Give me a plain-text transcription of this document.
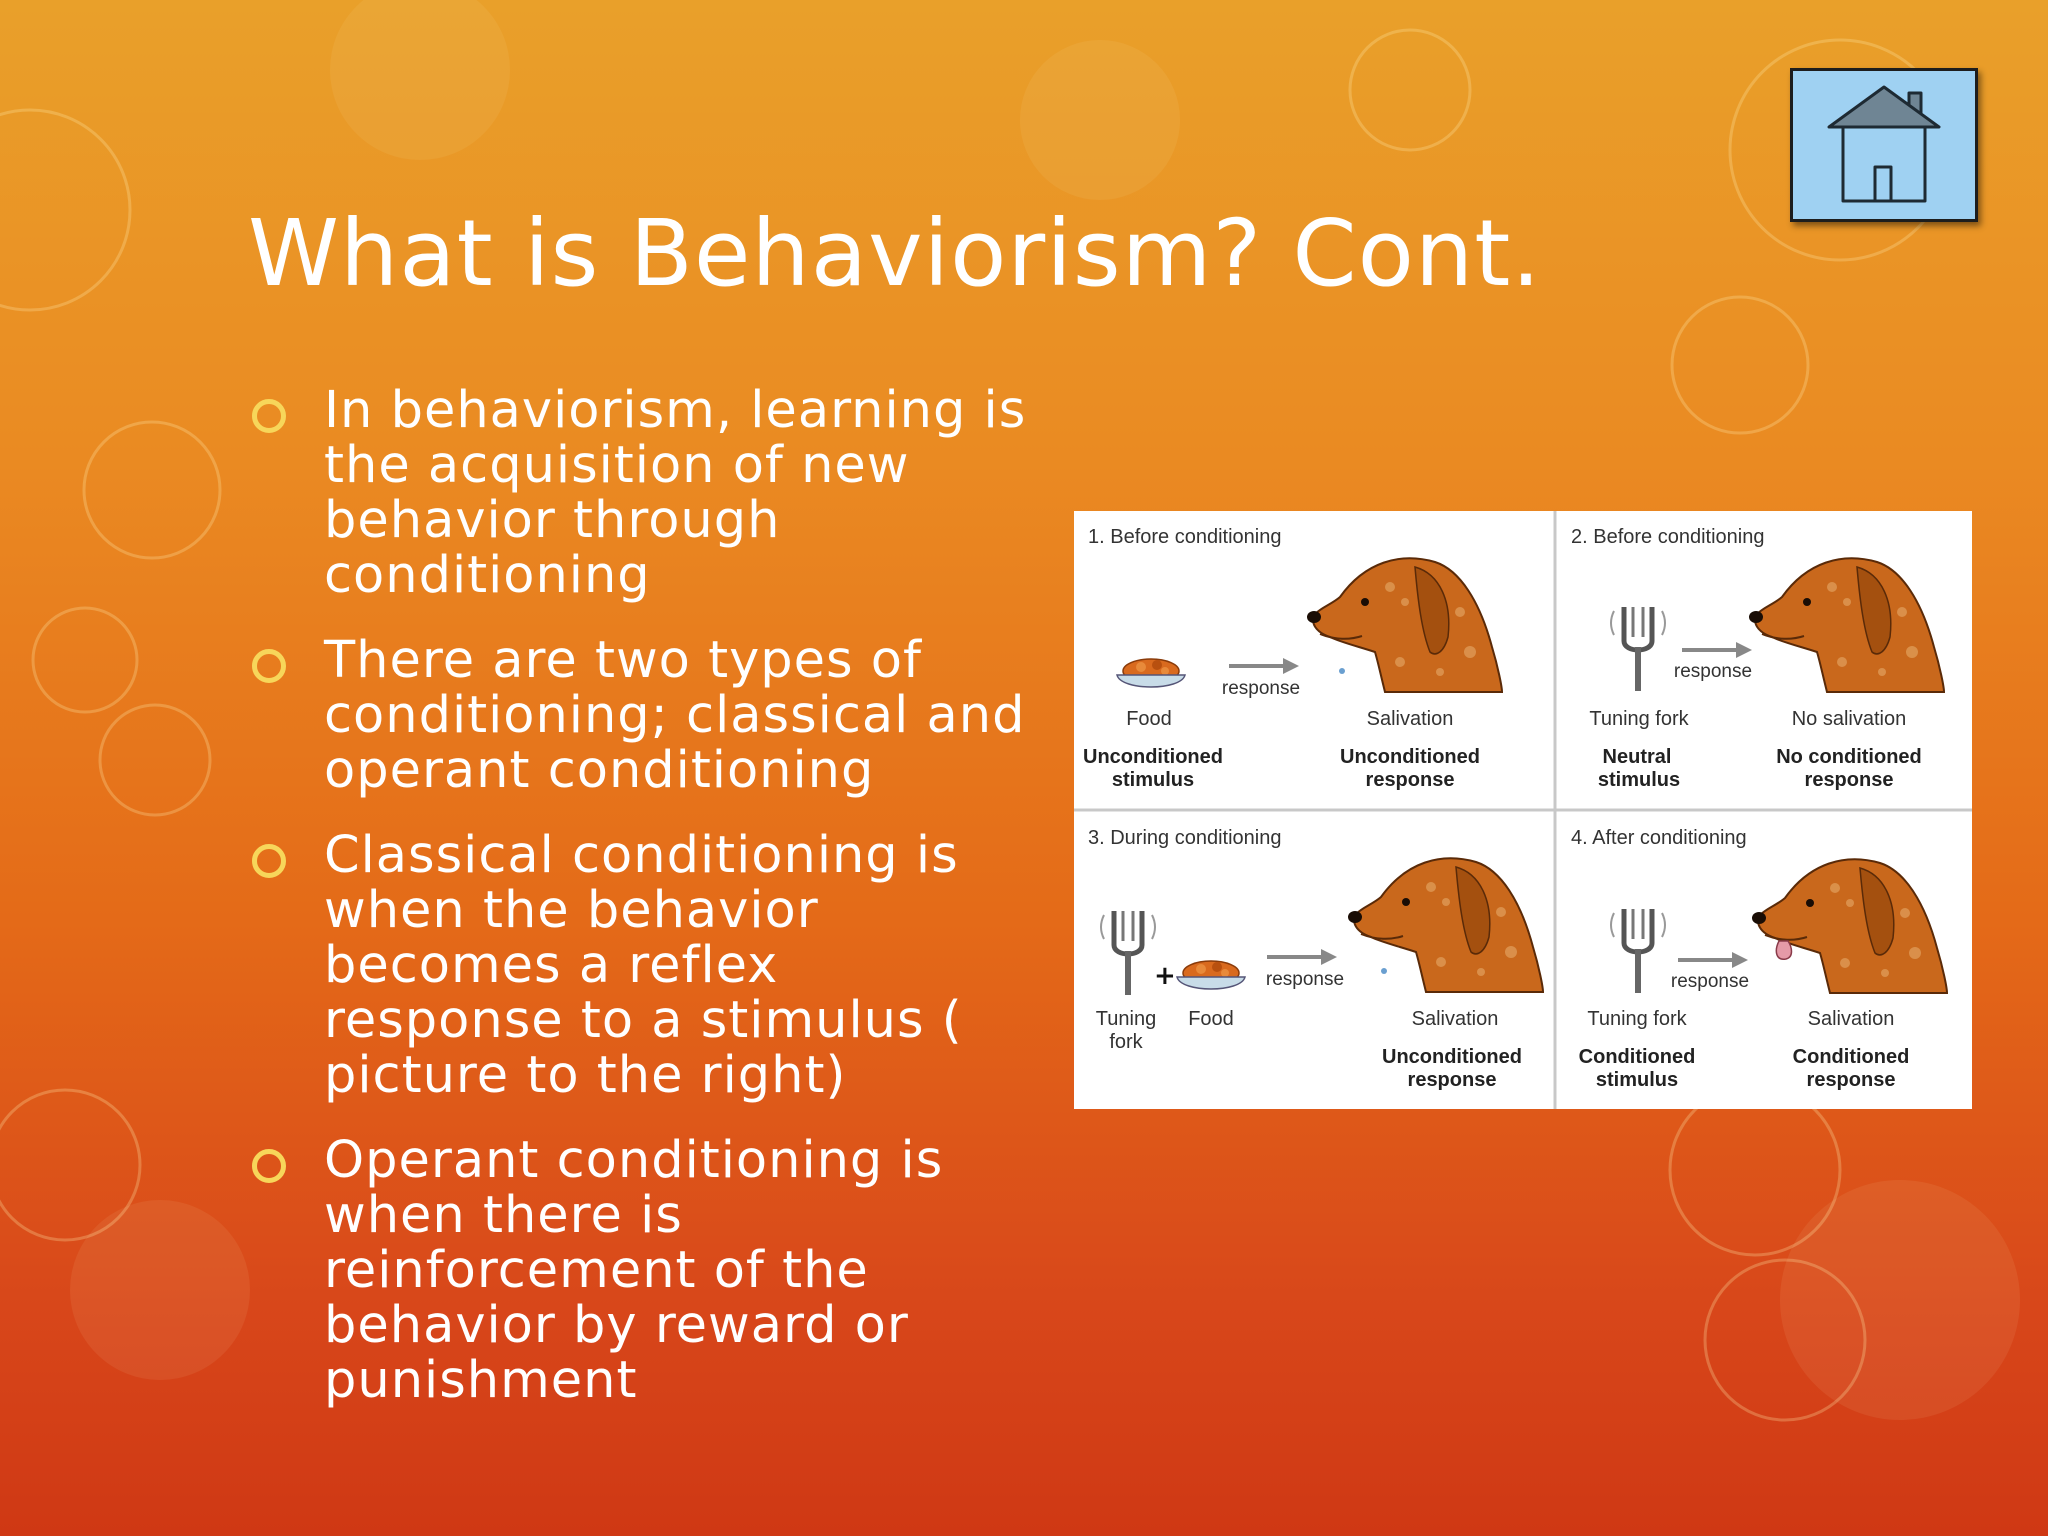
What is Behaviorism? Cont.
In behaviorism, learning is the acquisition of new behavior through conditioning
There are two types of conditioning; classical and operant conditioning
Classical conditioning is when the behavior becomes a reflex response to a stimulus ( picture to the right)
Operant conditioning is when there is reinforcement of the behavior by reward or punishment
1. Before conditioning
response
Food
Unconditioned
stimulus
Salivation
Unconditioned
response
2. Before conditioning
response
Tuning fork
Neutral
stimulus
No salivation
No conditioned
response
3. During conditioning
+	response
Tuning
fork
Food	Salivation
Unconditioned
response
4. After conditioning
response
Tuning fork
Conditioned
stimulus
Salivation
Conditioned
response
